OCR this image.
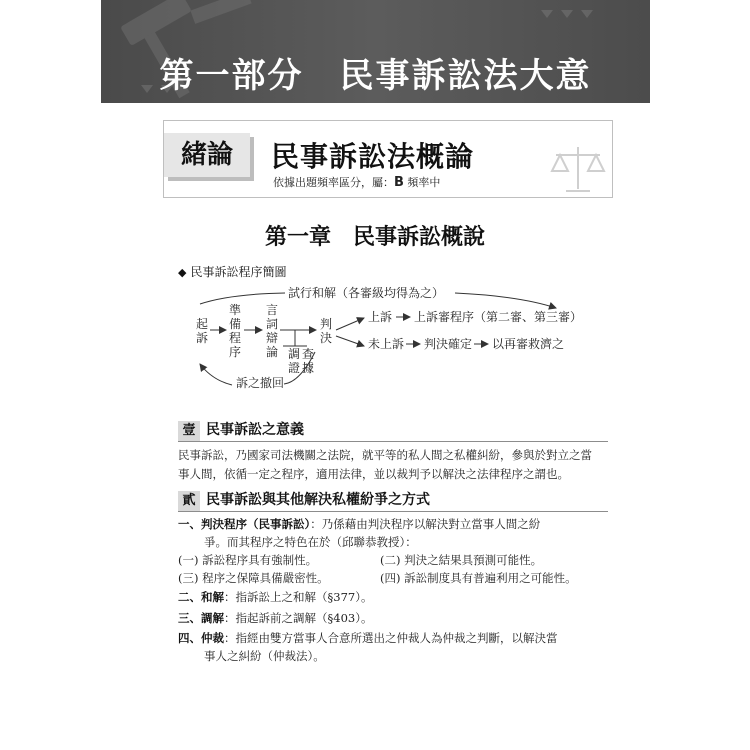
第一部分　民事訴訟法大意
緒論	民事訴訟法概論
依據出題頻率區分，屬：B 頻率中
第一章　民事訴訟概說
◆ 民事訴訟程序簡圖
試行和解（各審級均得為之）
起訴
準備程序
言詞辯論 調 查證 據
判決
上訴 上訴審程序（第二審、第三審）
未上訴 判決確定 以再審救濟之
訴之撤回
壹 民事訴訟之意義
民事訴訟，乃國家司法機關之法院，就平等的私人間之私權糾紛，參與於對立之當
事人間，依循一定之程序，適用法律，並以裁判予以解決之法律程序之謂也。
貳 民事訴訟與其他解決私權紛爭之方式
一、判決程序（民事訴訟）：乃係藉由判決程序以解決對立當事人間之紛
爭。而其程序之特色在於（邱聯恭教授）：
(一) 訴訟程序具有強制性。	(二) 判決之結果具預測可能性。
(三) 程序之保障具備嚴密性。	(四) 訴訟制度具有普遍利用之可能性。
二、和解：指訴訟上之和解（§377）。
三、調解：指起訴前之調解（§403）。
四、仲裁：指經由雙方當事人合意所選出之仲裁人為仲裁之判斷，以解決當
事人之糾紛（仲裁法）。
